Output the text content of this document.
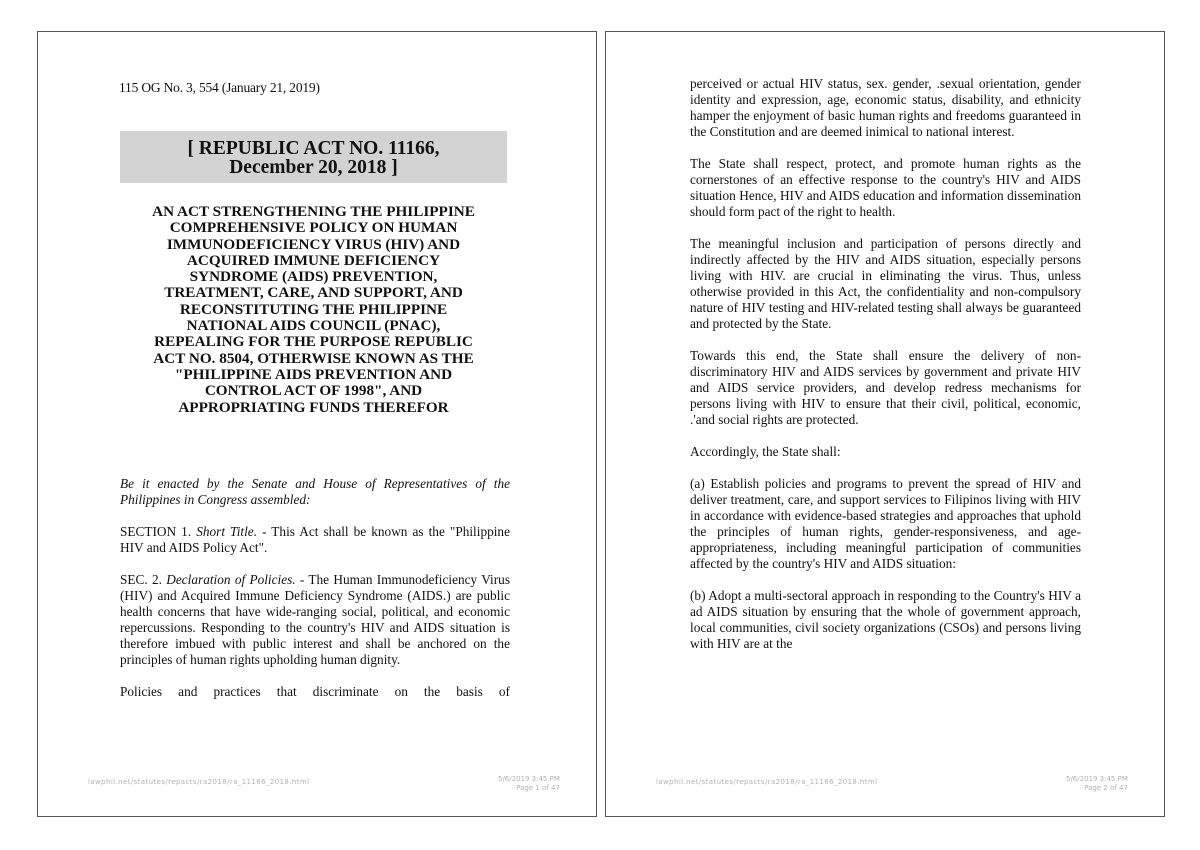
115 OG No. 3, 554 (January 21, 2019)
[ REPUBLIC ACT NO. 11166,
December 20, 2018 ]
AN ACT STRENGTHENING THE PHILIPPINE
COMPREHENSIVE POLICY ON HUMAN
IMMUNODEFICIENCY VIRUS (HIV) AND
ACQUIRED IMMUNE DEFICIENCY
SYNDROME (AIDS) PREVENTION,
TREATMENT, CARE, AND SUPPORT, AND
RECONSTITUTING THE PHILIPPINE
NATIONAL AIDS COUNCIL (PNAC),
REPEALING FOR THE PURPOSE REPUBLIC
ACT NO. 8504, OTHERWISE KNOWN AS THE
"PHILIPPINE AIDS PREVENTION AND
CONTROL ACT OF 1998", AND
APPROPRIATING FUNDS THEREFOR

Be it enacted by the Senate and House of Representatives of the Philippines in Congress assembled:

SECTION 1. Short Title. - This Act shall be known as the "Philippine HIV and AIDS Policy Act".

SEC. 2. Declaration of Policies. - The Human Immunodeficiency Virus (HIV) and Acquired Immune Deficiency Syndrome (AIDS.) are public health concerns that have wide-ranging social, political, and economic repercussions. Responding to the country's HIV and AIDS situation is therefore imbued with public interest and shall be anchored on the principles of human rights upholding human dignity.

Policies and practices that discriminate on the basis of

lawphil.net/statutes/repacts/ra2018/ra_11166_2018.html	5/6/2019 3:45 PM
Page 1 of 47

perceived or actual HIV status, sex. gender, .sexual orientation, gender identity and expression, age, economic status, disability, and ethnicity hamper the enjoyment of basic human rights and freedoms guaranteed in the Constitution and are deemed inimical to national interest.

The State shall respect, protect, and promote human rights as the cornerstones of an effective response to the country's HIV and AIDS situation Hence, HIV and AIDS education and information dissemination should form pact of the right to health.

The meaningful inclusion and participation of persons directly and indirectly affected by the HIV and AIDS situation, especially persons living with HIV. are crucial in eliminating the virus. Thus, unless otherwise provided in this Act, the confidentiality and non-compulsory nature of HIV testing and HIV-related testing shall always be guaranteed and protected by the State.

Towards this end, the State shall ensure the delivery of non-discriminatory HIV and AIDS services by government and private HIV and AIDS service providers, and develop redress mechanisms for persons living with HIV to ensure that their civil, political, economic, .'and social rights are protected.

Accordingly, the State shall:

(a) Establish policies and programs to prevent the spread of HIV and deliver treatment, care, and support services to Filipinos living with HIV in accordance with evidence-based strategies and approaches that uphold the principles of human rights, gender-responsiveness, and age-appropriateness, including meaningful participation of communities affected by the country's HIV and AIDS situation:

(b) Adopt a multi-sectoral approach in responding to the Country's HIV a ad AIDS situation by ensuring that the whole of government approach, local communities, civil society organizations (CSOs) and persons living with HIV are at the

lawphil.net/statutes/repacts/ra2018/ra_11166_2018.html	5/6/2019 3:45 PM
Page 2 of 47
